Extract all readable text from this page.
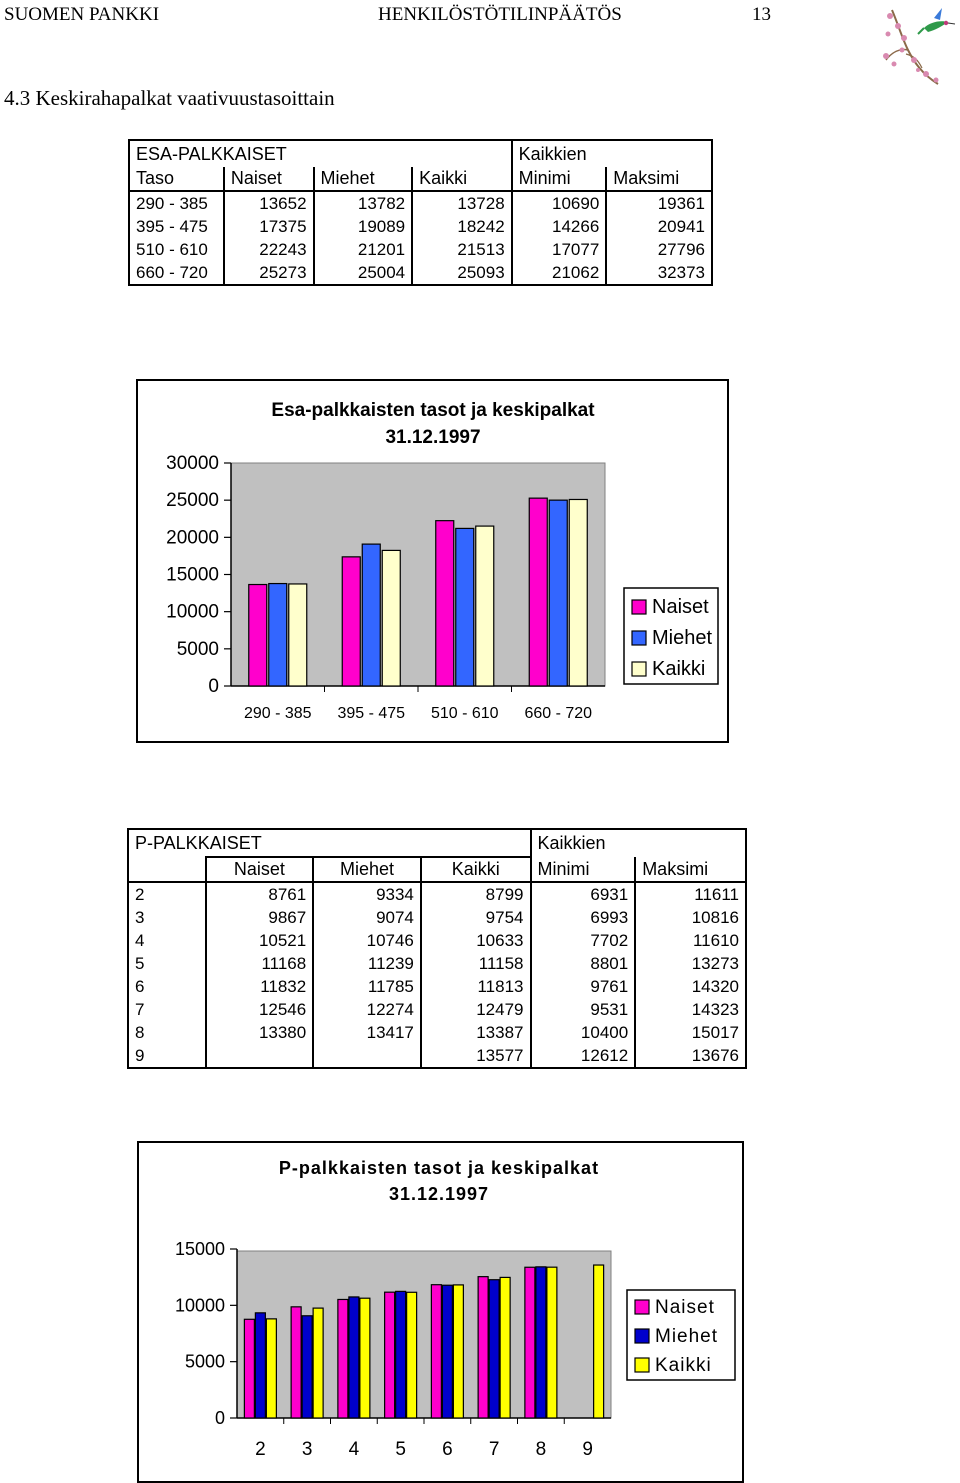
SUOMEN PANKKI	HENKILÖSTÖTILINPÄÄTÖS	13
4.3 Keskirahapalkat vaativuustasoittain
ESA-PALKKAISET				Kaikkien	
Taso	Naiset	Miehet	Kaikki	Minimi	Maksimi
290 - 385	13652	13782	13728	10690	19361
395 - 475	17375	19089	18242	14266	20941
510 - 610	22243	21201	21513	17077	27796
660 - 720	25273	25004	25093	21062	32373
Esa-palkkaisten tasot ja keskipalkat
31.12.1997
0
5000
10000
15000
20000
25000
30000
290 - 385 395 - 475 510 - 610 660 - 720
Naiset
Miehet
Kaikki
P-PALKKAISET				Kaikkien	
	Naiset	Miehet	Kaikki	Minimi	Maksimi
2	8761	9334	8799	6931	11611
3	9867	9074	9754	6993	10816
4	10521	10746	10633	7702	11610
5	11168	11239	11158	8801	13273
6	11832	11785	11813	9761	14320
7	12546	12274	12479	9531	14323
8	13380	13417	13387	10400	15017
9			13577	12612	13676
P-palkkaisten tasot ja keskipalkat
31.12.1997
0
5000
10000
15000
2 3 4 5 6 7 8 9
Naiset
Miehet
Kaikki
